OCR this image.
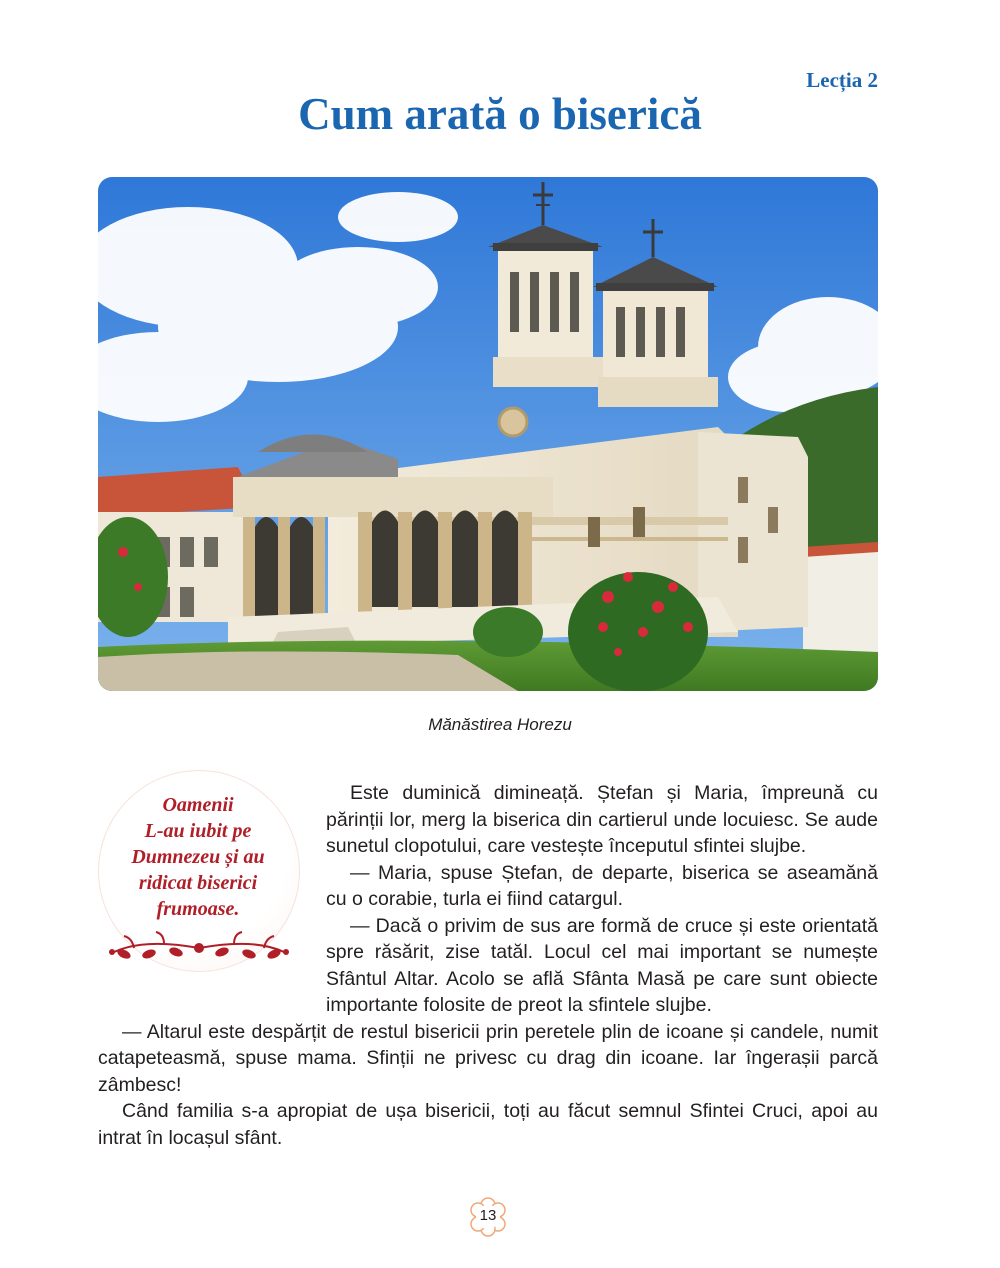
Lecția 2
Cum arată o biserică
Mănăstirea Horezu
Oamenii
L-au iubit pe
Dumnezeu și au
ridicat biserici
frumoase.

Este duminică dimineață. Ștefan și Maria, împreună cu părinții lor, merg la biserica din cartierul unde locuiesc. Se aude sunetul clopotului, care vestește începutul sfintei slujbe.

— Maria, spuse Ștefan, de departe, biserica se aseamănă cu o corabie, turla ei fiind catargul.

— Dacă o privim de sus are formă de cruce și este orientată spre răsărit, zise tatăl. Locul cel mai important se numește Sfântul Altar. Acolo se află Sfânta Masă pe care sunt obiecte importante folosite de preot la sfintele slujbe.

— Altarul este despărțit de restul bisericii prin peretele plin de icoane și candele, numit catapeteasmă, spuse mama. Sfinții ne privesc cu drag din icoane. Iar îngerașii parcă zâmbesc!

Când familia s-a apropiat de ușa bisericii, toți au făcut semnul Sfintei Cruci, apoi au intrat în locașul sfânt.

13
